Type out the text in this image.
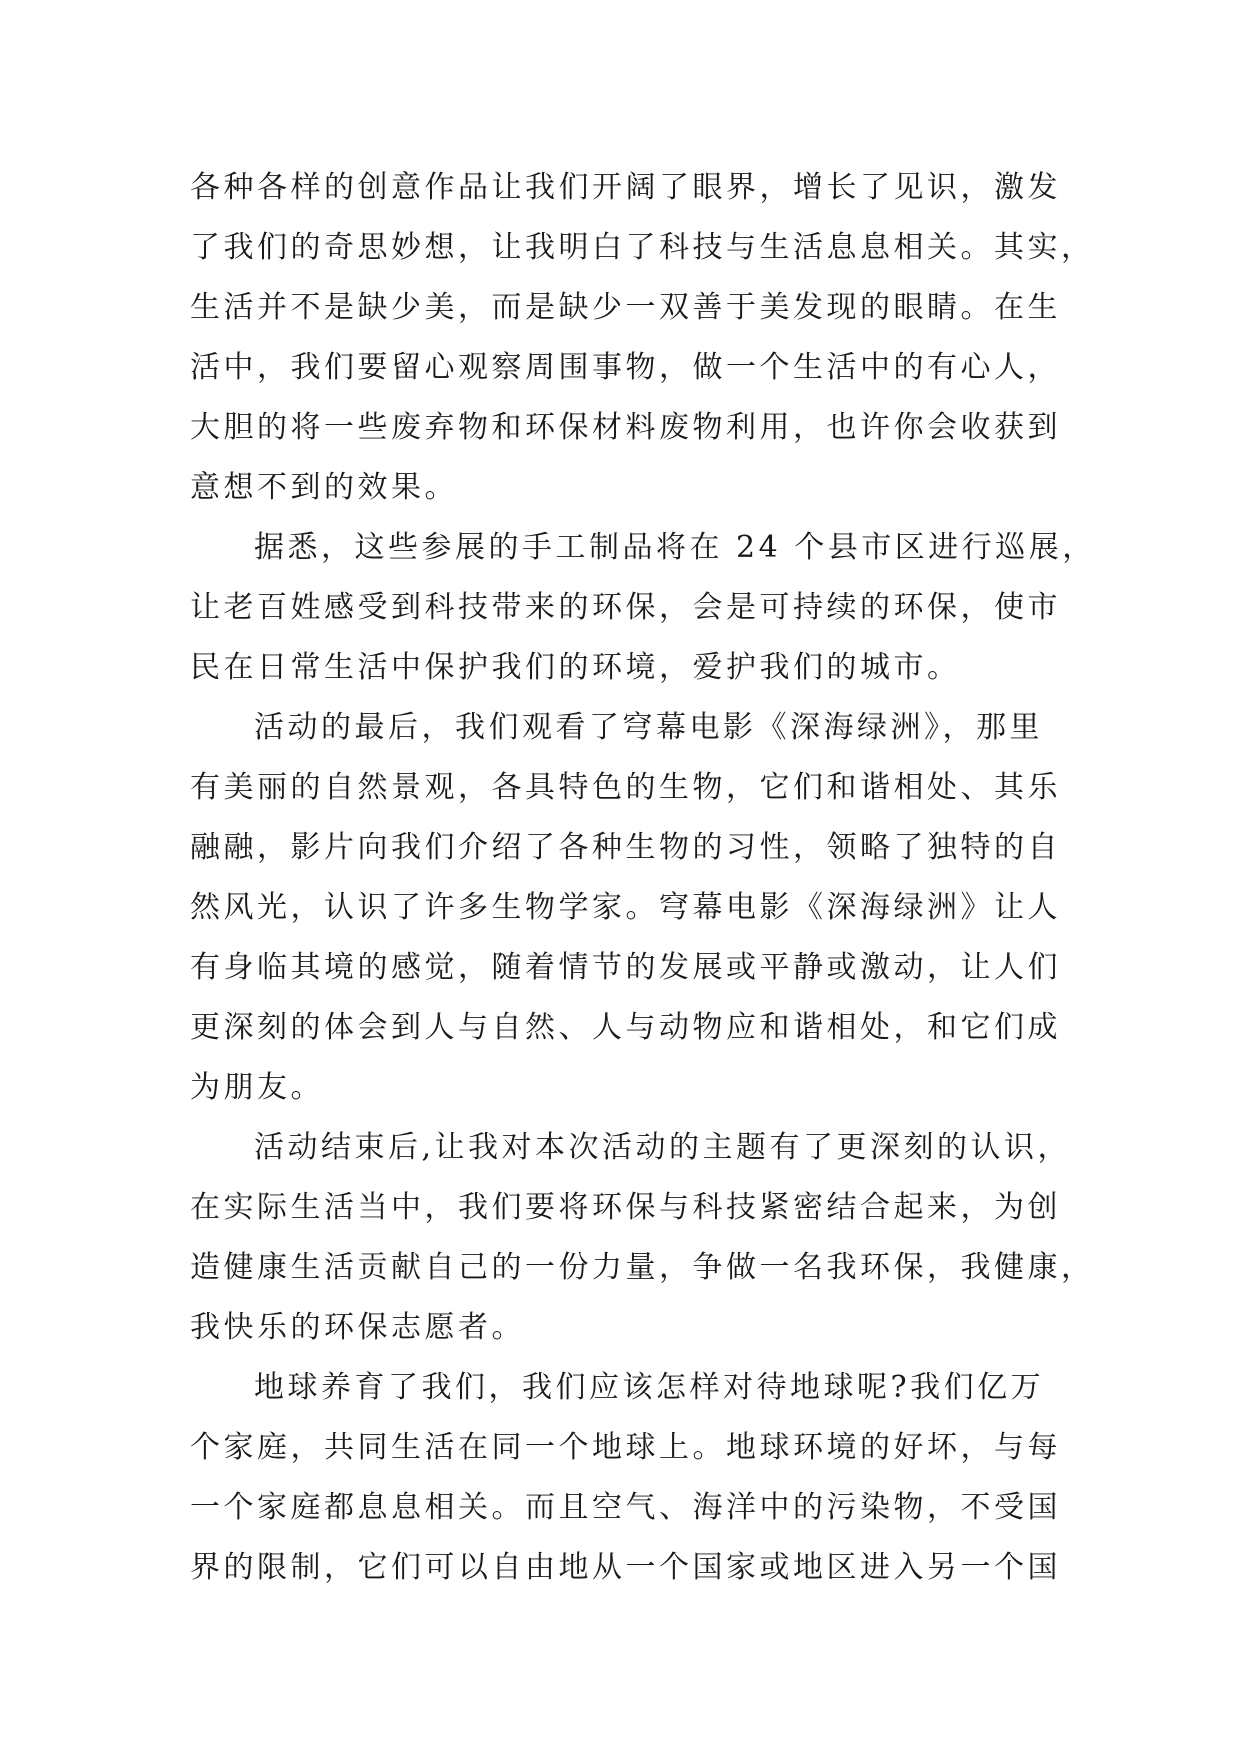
各种各样的创意作品让我们开阔了眼界，增长了见识，激发
了我们的奇思妙想，让我明白了科技与生活息息相关。其实，
生活并不是缺少美，而是缺少一双善于美发现的眼睛。在生
活中，我们要留心观察周围事物，做一个生活中的有心人，
大胆的将一些废弃物和环保材料废物利用，也许你会收获到
意想不到的效果。
据悉，这些参展的手工制品将在 24 个县市区进行巡展，
让老百姓感受到科技带来的环保，会是可持续的环保，使市
民在日常生活中保护我们的环境，爱护我们的城市。
活动的最后，我们观看了穹幕电影《深海绿洲》，那里
有美丽的自然景观，各具特色的生物，它们和谐相处、其乐
融融，影片向我们介绍了各种生物的习性，领略了独特的自
然风光，认识了许多生物学家。穹幕电影《深海绿洲》让人
有身临其境的感觉，随着情节的发展或平静或激动，让人们
更深刻的体会到人与自然、人与动物应和谐相处，和它们成
为朋友。
活动结束后,让我对本次活动的主题有了更深刻的认识，
在实际生活当中，我们要将环保与科技紧密结合起来，为创
造健康生活贡献自己的一份力量，争做一名我环保，我健康，
我快乐的环保志愿者。
地球养育了我们，我们应该怎样对待地球呢?我们亿万
个家庭，共同生活在同一个地球上。地球环境的好坏，与每
一个家庭都息息相关。而且空气、海洋中的污染物，不受国
界的限制，它们可以自由地从一个国家或地区进入另一个国
